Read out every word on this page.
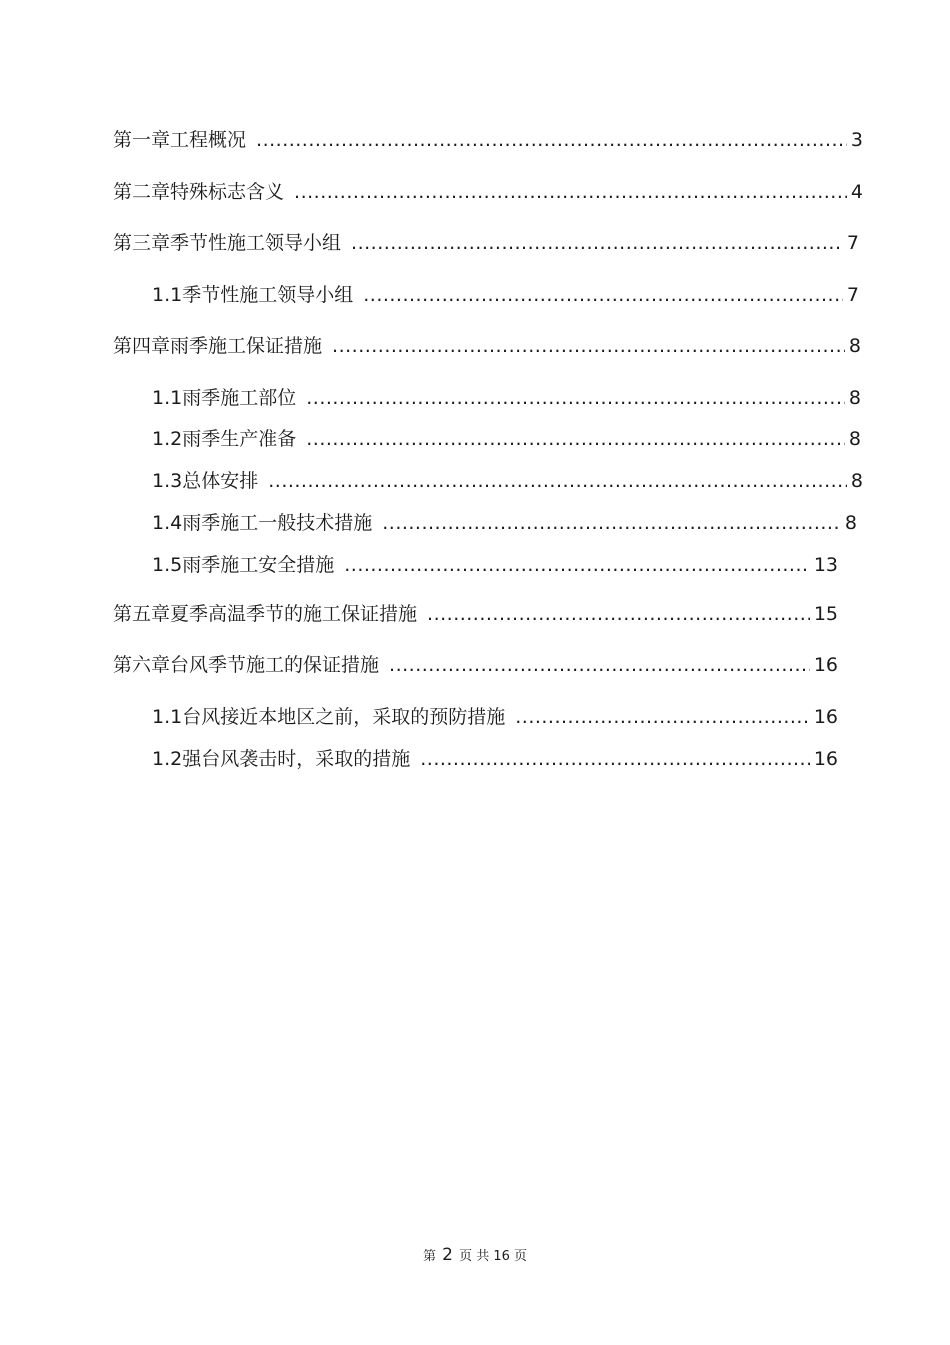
第一章 工程概况 .....	3
第二章 特殊标志含义 .....	4
第三章 季节性施工领导小组 .....	7
1.1 季节性施工领导小组 .....	7
第四章 雨季施工保证措施 .....	8
1.1 雨季施工部位 .....	8
1.2 雨季生产准备 .....	8
1.3 总体安排 .....	8
1.4 雨季施工一般技术措施 .....	8
1.5 雨季施工安全措施 .....	13
第五章 夏季高温季节的施工保证措施 .....	15
第六章 台风季节施工的保证措施 .....	16
1.1 台风接近本地区之前，采取的预防措施 .....	16
1.2 强台风袭击时，采取的措施 .....	16
第 2 页 共 16 页
